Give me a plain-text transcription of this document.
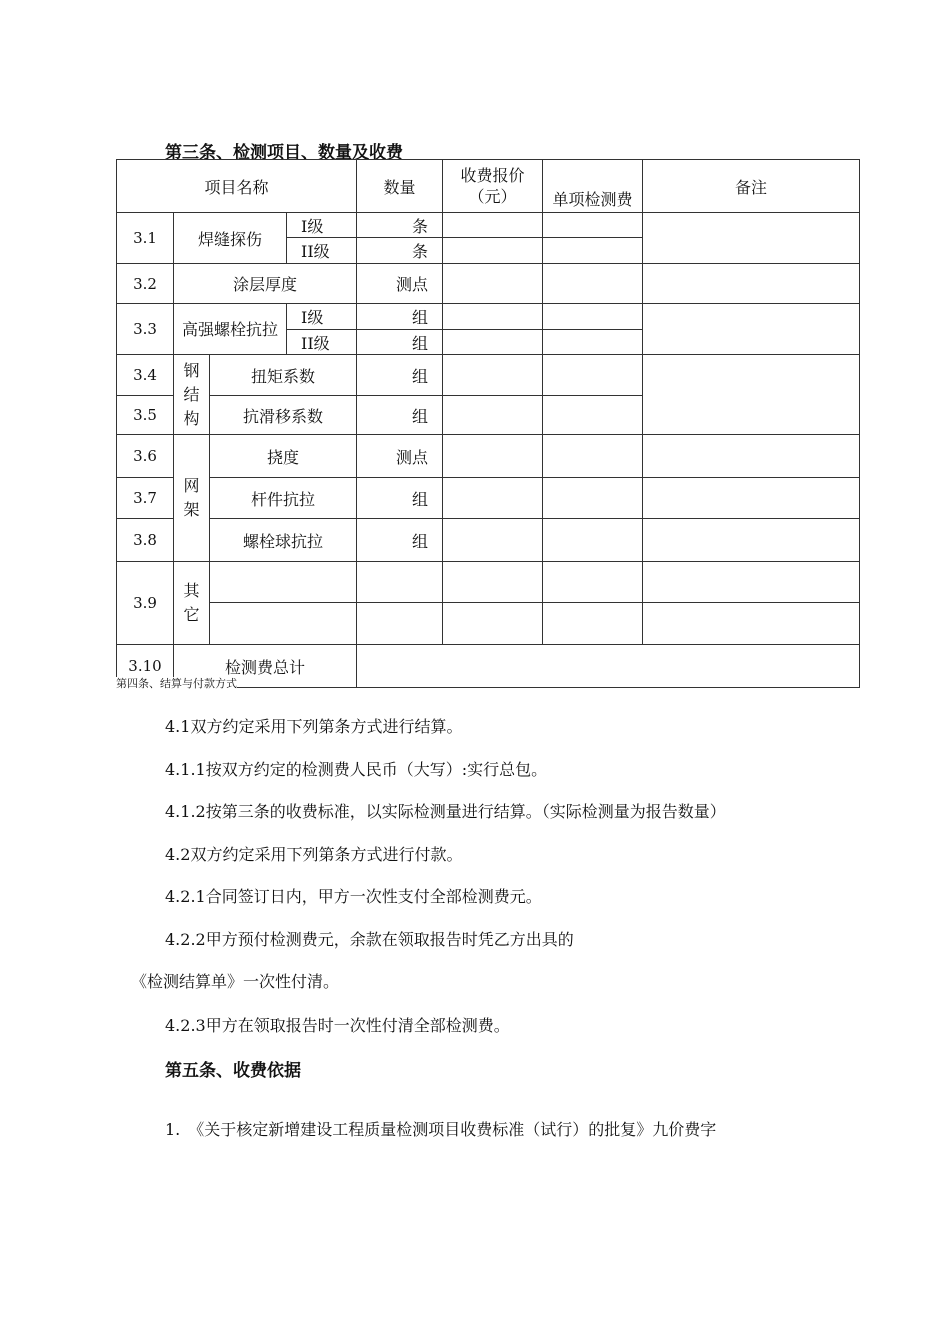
第三条、检测项目、数量及收费
项目名称				数量	收费报价（元）	单项检测费	备注
3.1	焊缝探伤		I级	条			
			II级	条			
3.2	涂层厚度			测点			
3.3	高强螺栓抗拉		I级	组			
			II级	组			
3.4	钢结构	扭矩系数		组			
3.5		抗滑移系数		组			
3.6	网架	挠度		测点			
3.7		杆件抗拉		组			
3.8		螺栓球抗拉		组			
3.9	其它						

3.10	检测费总计						
第四条、结算与付款方式
4.1双方约定采用下列第条方式进行结算。
4.1.1按双方约定的检测费人民币（大写）:实行总包。
4.1.2按第三条的收费标准，以实际检测量进行结算。（实际检测量为报告数量）
4.2双方约定采用下列第条方式进行付款。
4.2.1合同签订日内，甲方一次性支付全部检测费元。
4.2.2甲方预付检测费元，余款在领取报告时凭乙方出具的
《检测结算单》一次性付清。
4.2.3甲方在领取报告时一次性付清全部检测费。
第五条、收费依据
1.　《关于核定新增建设工程质量检测项目收费标准（试行）的批复》九价费字
